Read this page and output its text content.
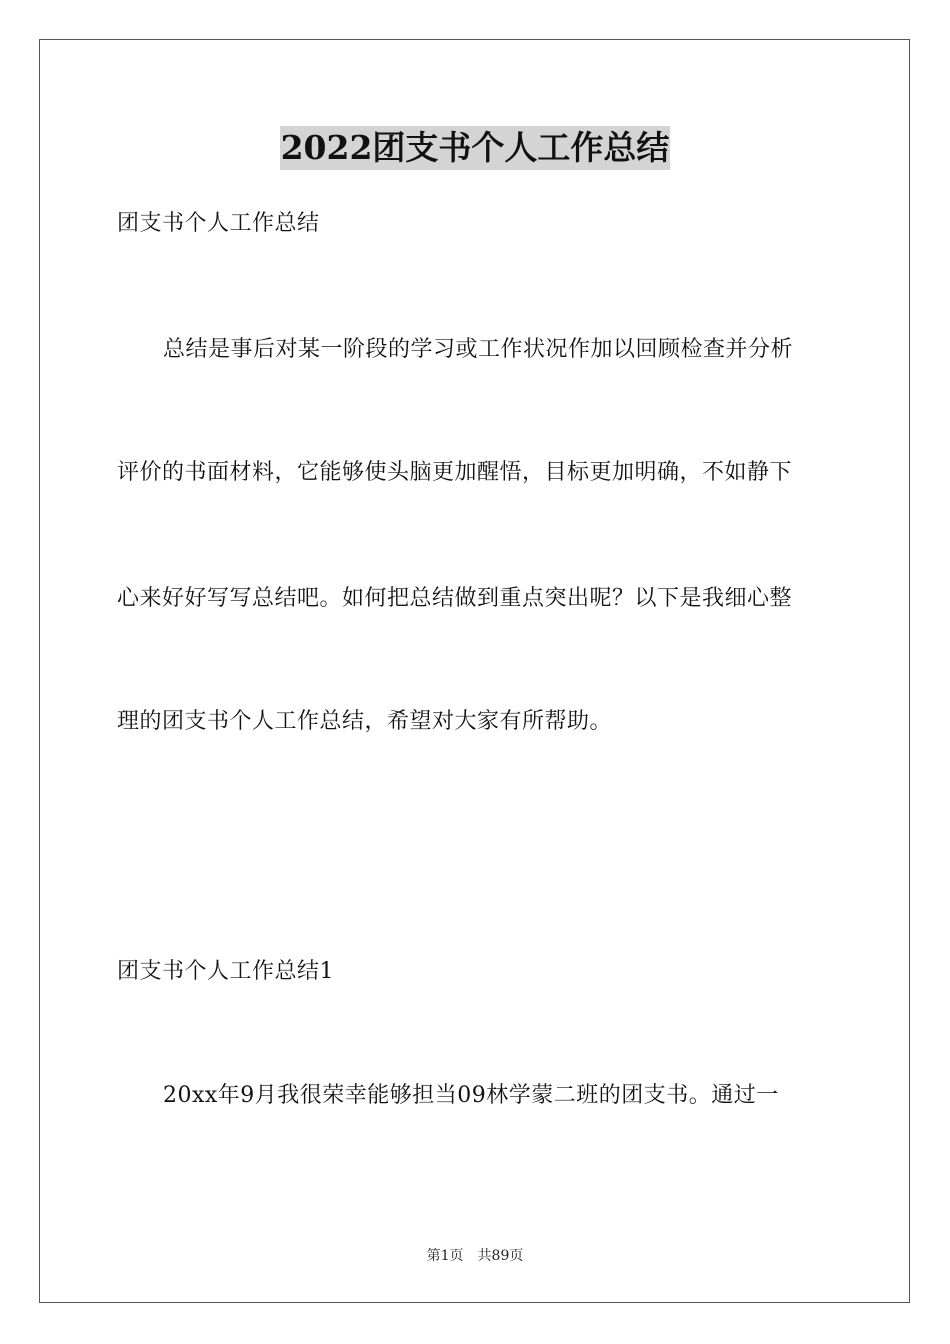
2022团支书个人工作总结
团支书个人工作总结
总结是事后对某一阶段的学习或工作状况作加以回顾检查并分析
评价的书面材料，它能够使头脑更加醒悟，目标更加明确，不如静下
心来好好写写总结吧。如何把总结做到重点突出呢？以下是我细心整
理的团支书个人工作总结，希望对大家有所帮助。
团支书个人工作总结1
20xx年9月我很荣幸能够担当09林学蒙二班的团支书。通过一
第1页 共89页
